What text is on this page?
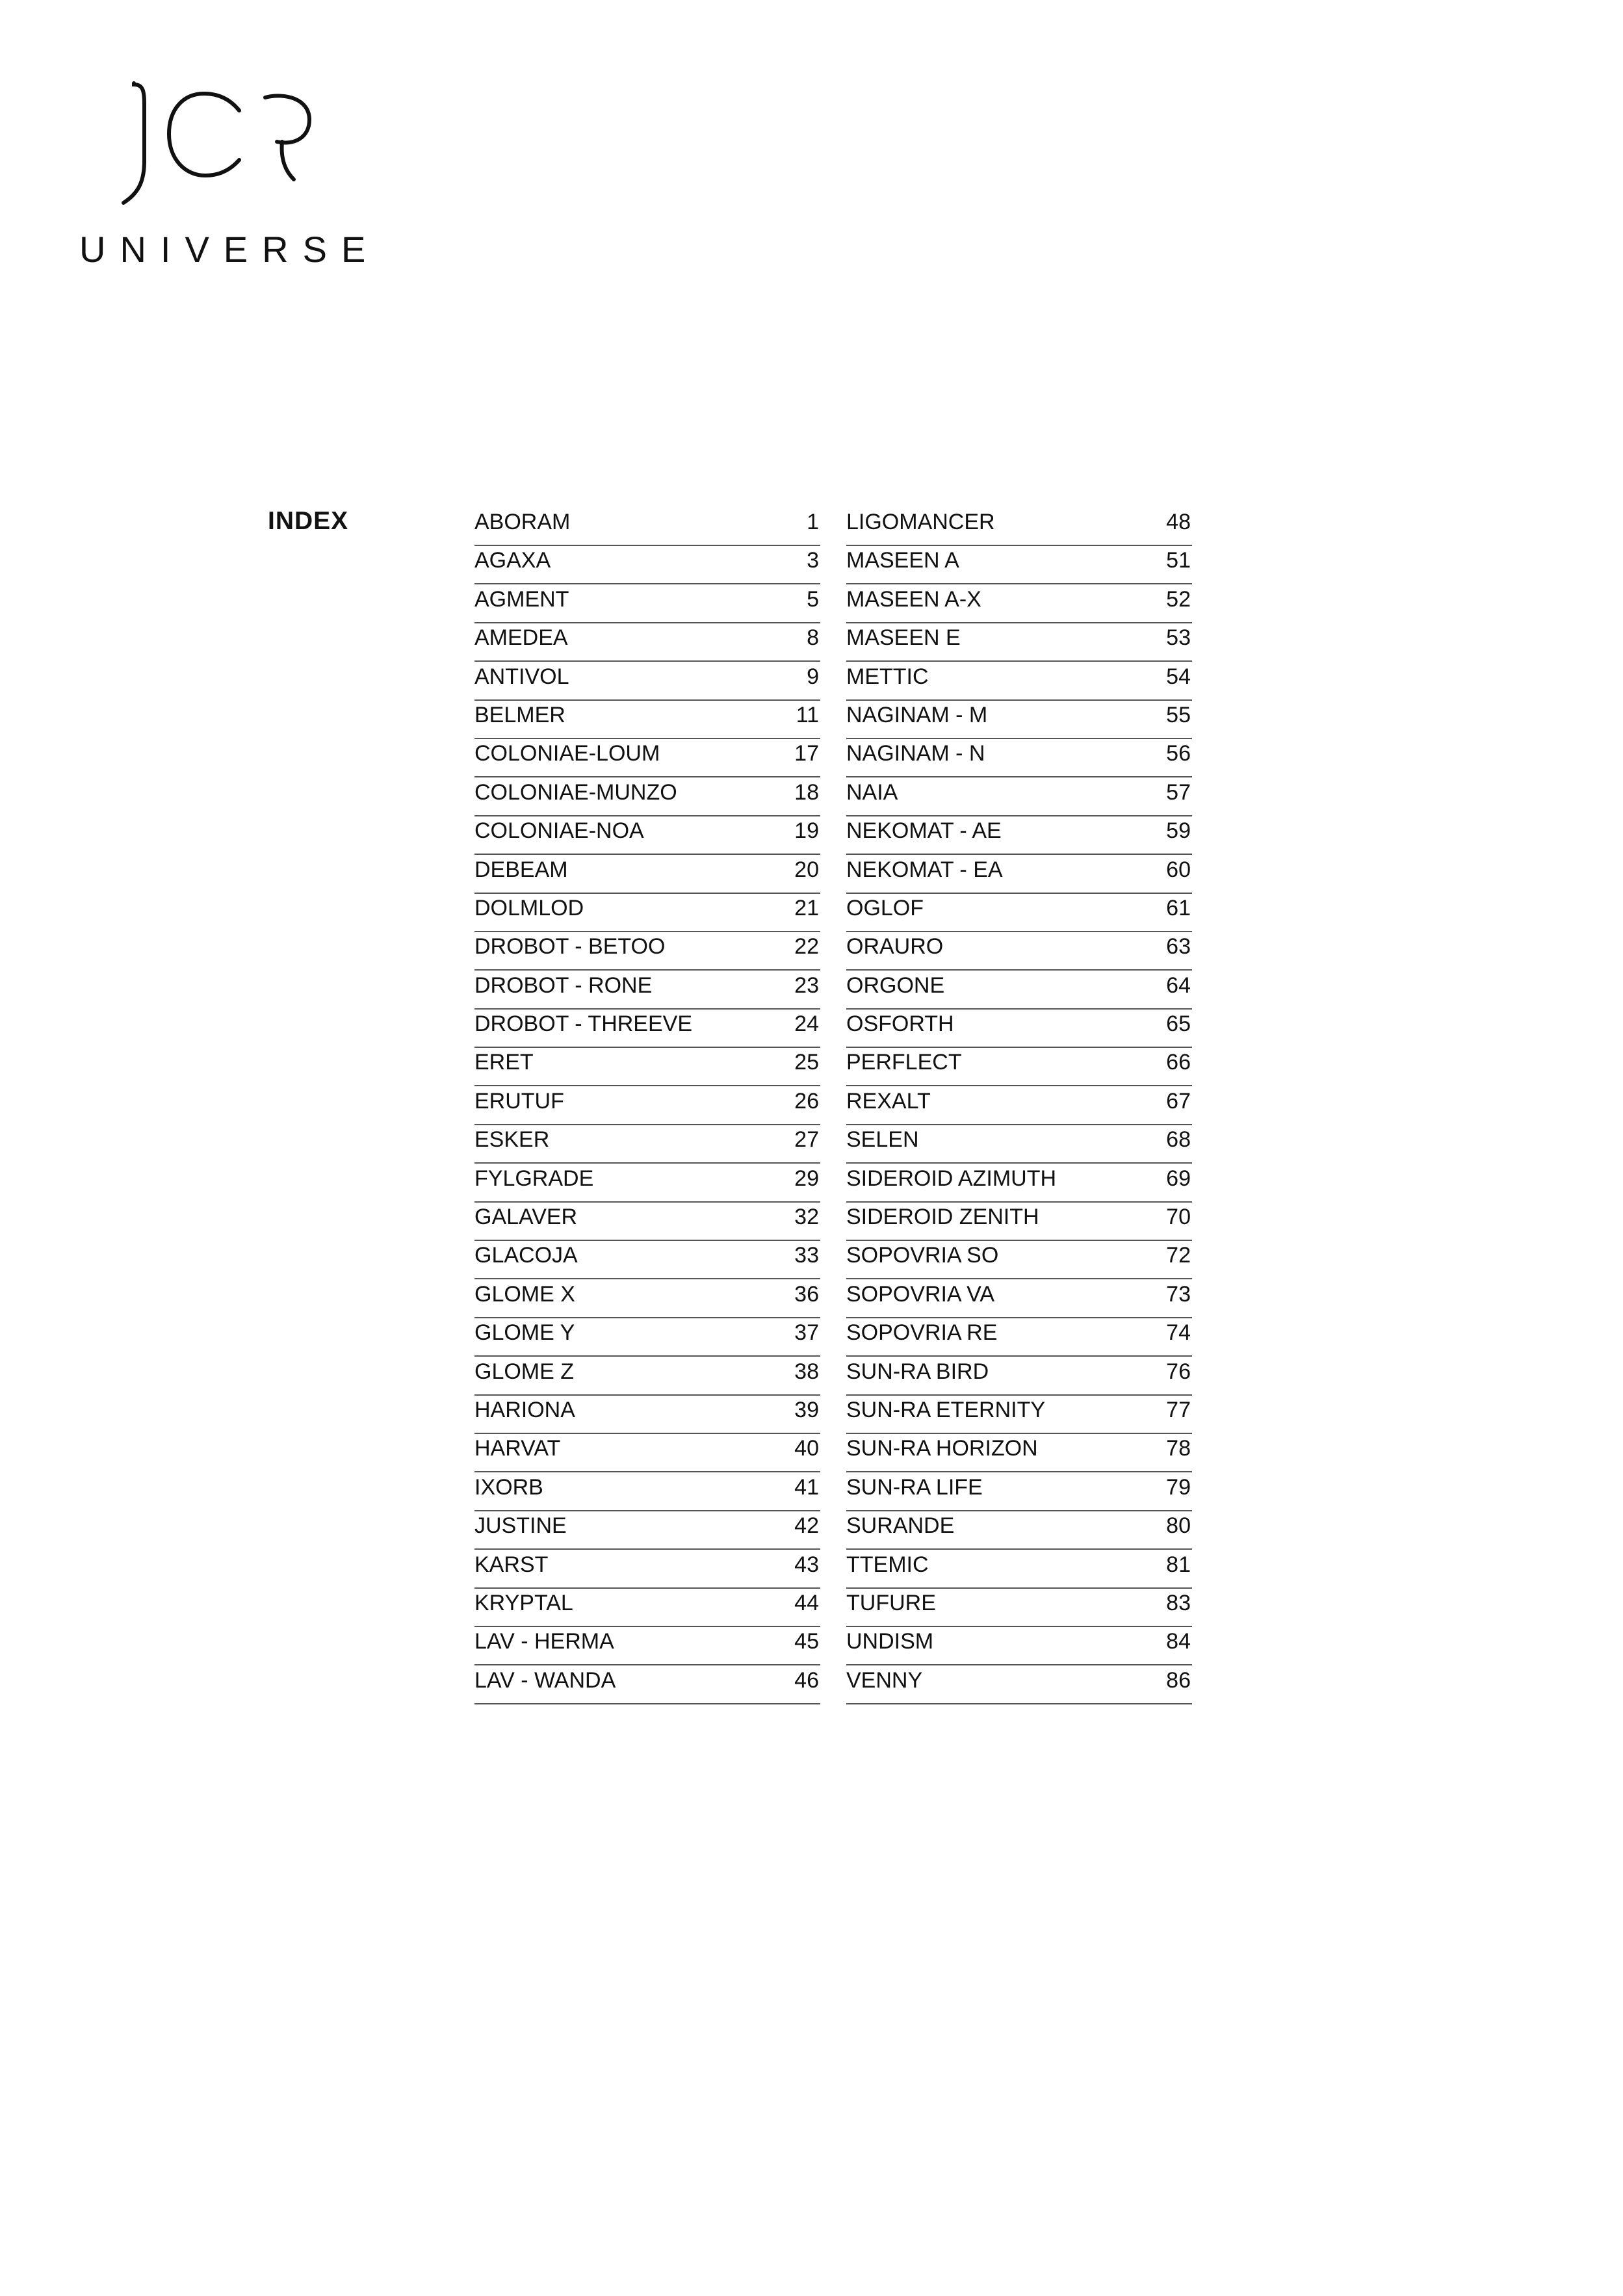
UNIVERSE
INDEX	ABORAM	1
AGAXA	3
AGMENT	5
AMEDEA	8
ANTIVOL	9
BELMER	11
COLONIAE-LOUM	17
COLONIAE-MUNZO	18
COLONIAE-NOA	19
DEBEAM	20
DOLMLOD	21
DROBOT - BETOO	22
DROBOT - RONE	23
DROBOT - THREEVE	24
ERET	25
ERUTUF	26
ESKER	27
FYLGRADE	29
GALAVER	32
GLACOJA	33
GLOME X	36
GLOME Y	37
GLOME Z	38
HARIONA	39
HARVAT	40
IXORB	41
JUSTINE	42
KARST	43
KRYPTAL	44
LAV - HERMA	45
LAV - WANDA	46
LIGOMANCER	48
MASEEN A	51
MASEEN A-X	52
MASEEN E	53
METTIC	54
NAGINAM - M	55
NAGINAM - N	56
NAIA	57
NEKOMAT - AE	59
NEKOMAT - EA	60
OGLOF	61
ORAURO	63
ORGONE	64
OSFORTH	65
PERFLECT	66
REXALT	67
SELEN	68
SIDEROID AZIMUTH	69
SIDEROID ZENITH	70
SOPOVRIA SO	72
SOPOVRIA VA	73
SOPOVRIA RE	74
SUN-RA BIRD	76
SUN-RA ETERNITY	77
SUN-RA HORIZON	78
SUN-RA LIFE	79
SURANDE	80
TTEMIC	81
TUFURE	83
UNDISM	84
VENNY	86
